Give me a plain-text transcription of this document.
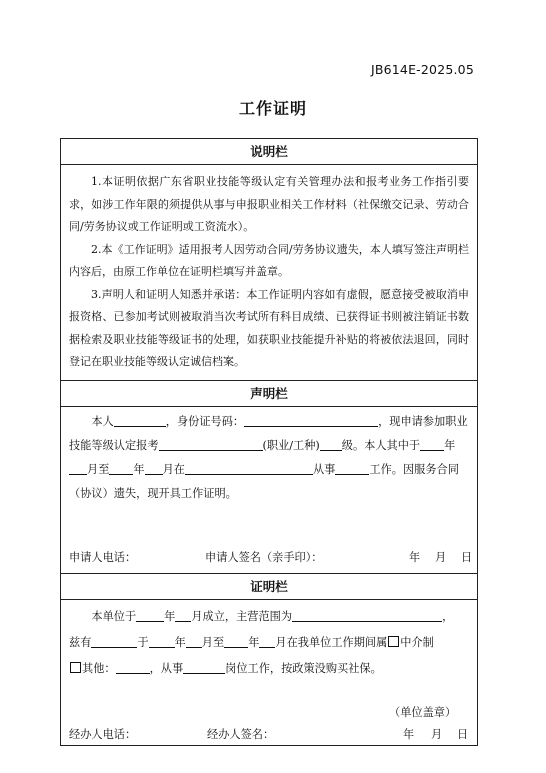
JB614E-2025.05
工作证明
说明栏

1.本证明依据广东省职业技能等级认定有关管理办法和报考业务工作指引要求，如涉工作年限的须提供从事与申报职业相关工作材料（社保缴交记录、劳动合同/劳务协议或工作证明或工资流水）。

2.本《工作证明》适用报考人因劳动合同/劳务协议遗失，本人填写签注声明栏内容后，由原工作单位在证明栏填写并盖章。

3.声明人和证明人知悉并承诺：本工作证明内容如有虚假，愿意接受被取消申报资格、已参加考试则被取消当次考试所有科目成绩、已获得证书则被注销证书数据检索及职业技能等级证书的处理，如获职业技能提升补贴的将被依法退回，同时登记在职业技能等级认定诚信档案。

声明栏

本人	，身份证号码：	，现申请参加职业技能等级认定报考	(职业/工种) 级。本人其中于 年月至 年 月在	从事	工作。因服务合同（协议）遗失，现开具工作证明。

申请人电话：	申请人签名（亲手印）：	年 月 日
证明栏

本单位于	年 月成立，主营范围为	，

兹有	于 年 月至 年 月在我单位工作期间属 中介制
其他：	，从事	岗位工作，按政策没购买社保。

（单位盖章）
经办人电话：	经办人签名：	年 月 日
